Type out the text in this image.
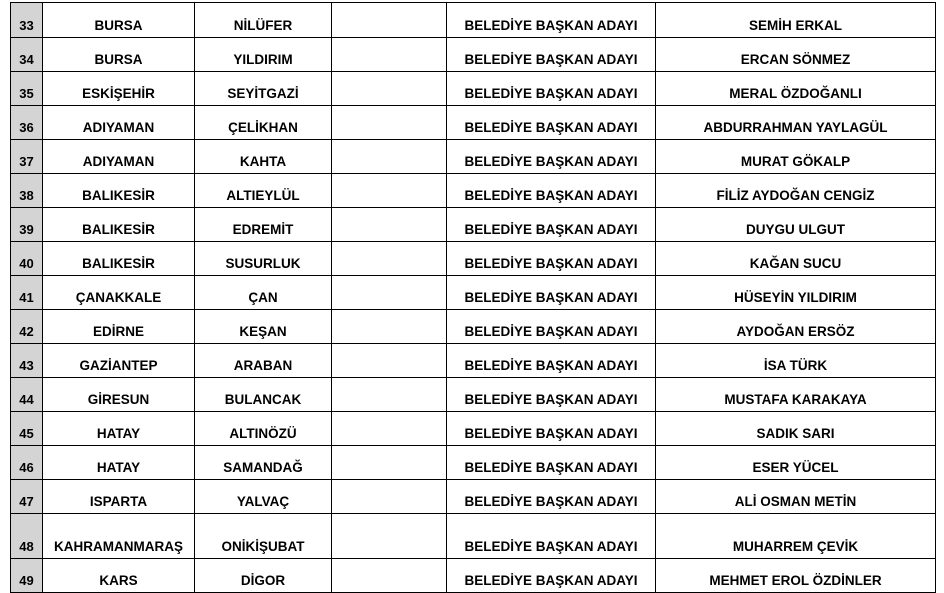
33	BURSA	NİLÜFER		BELEDİYE BAŞKAN ADAYI	SEMİH ERKAL
34	BURSA	YILDIRIM		BELEDİYE BAŞKAN ADAYI	ERCAN SÖNMEZ
35	ESKİŞEHİR	SEYİTGAZİ		BELEDİYE BAŞKAN ADAYI	MERAL ÖZDOĞANLI
36	ADIYAMAN	ÇELİKHAN		BELEDİYE BAŞKAN ADAYI	ABDURRAHMAN YAYLAGÜL
37	ADIYAMAN	KAHTA		BELEDİYE BAŞKAN ADAYI	MURAT GÖKALP
38	BALIKESİR	ALTIEYLÜL		BELEDİYE BAŞKAN ADAYI	FİLİZ AYDOĞAN CENGİZ
39	BALIKESİR	EDREMİT		BELEDİYE BAŞKAN ADAYI	DUYGU ULGUT
40	BALIKESİR	SUSURLUK		BELEDİYE BAŞKAN ADAYI	KAĞAN SUCU
41	ÇANAKKALE	ÇAN		BELEDİYE BAŞKAN ADAYI	HÜSEYİN YILDIRIM
42	EDİRNE	KEŞAN		BELEDİYE BAŞKAN ADAYI	AYDOĞAN ERSÖZ
43	GAZİANTEP	ARABAN		BELEDİYE BAŞKAN ADAYI	İSA TÜRK
44	GİRESUN	BULANCAK		BELEDİYE BAŞKAN ADAYI	MUSTAFA KARAKAYA
45	HATAY	ALTINÖZÜ		BELEDİYE BAŞKAN ADAYI	SADIK SARI
46	HATAY	SAMANDAĞ		BELEDİYE BAŞKAN ADAYI	ESER YÜCEL
47	ISPARTA	YALVAÇ		BELEDİYE BAŞKAN ADAYI	ALİ OSMAN METİN
48	KAHRAMANMARAŞ	ONİKİŞUBAT		BELEDİYE BAŞKAN ADAYI	MUHARREM ÇEVİK
49	KARS	DİGOR		BELEDİYE BAŞKAN ADAYI	MEHMET EROL ÖZDİNLER
